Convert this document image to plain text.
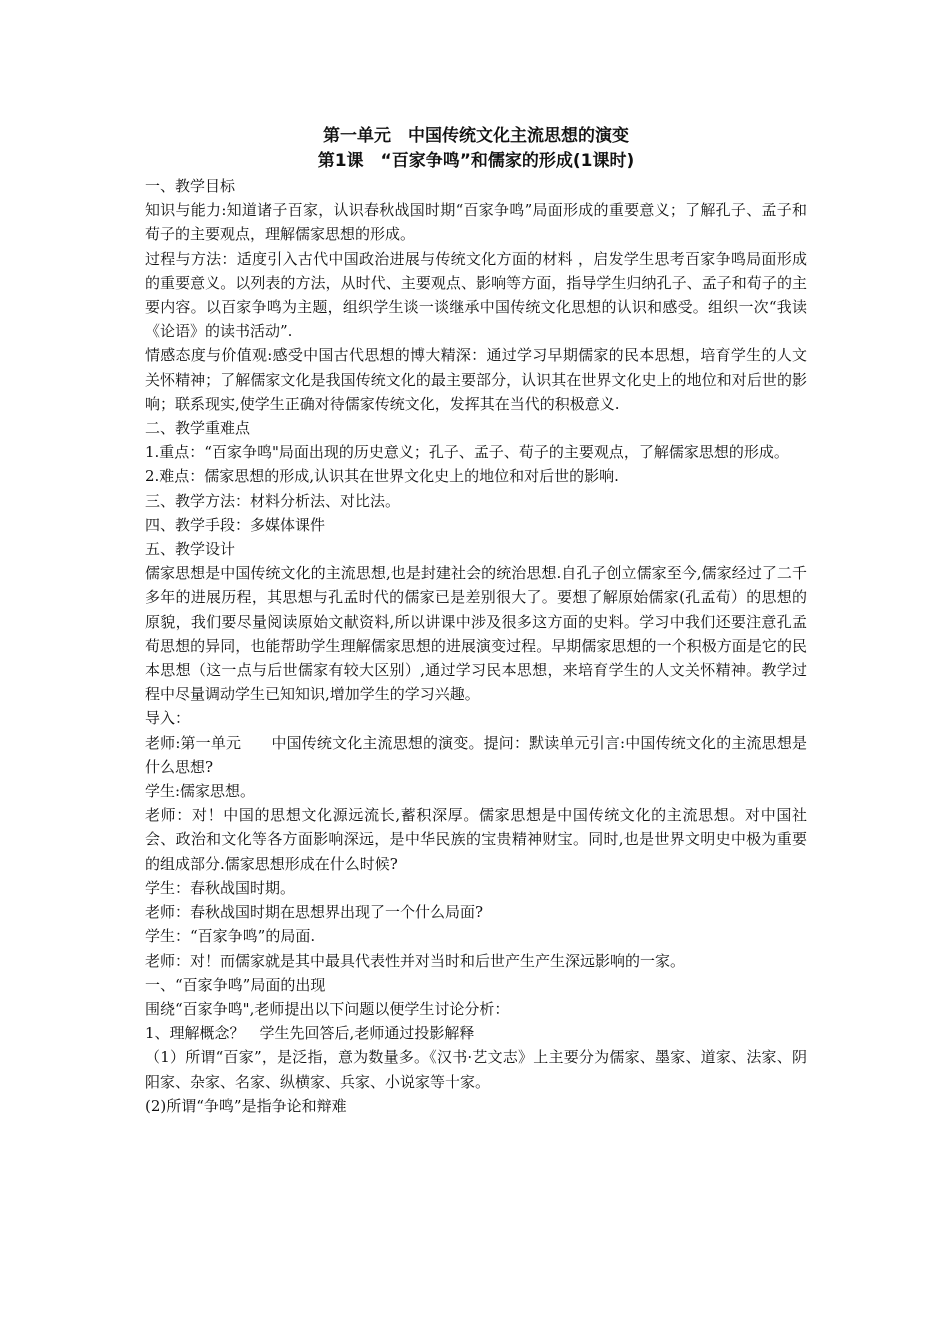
第一单元　中国传统文化主流思想的演变
第1课　“百家争鸣”和儒家的形成(1课时)

一、教学目标

知识与能力:知道诸子百家，认识春秋战国时期“百家争鸣”局面形成的重要意义；了解孔子、孟子和荀子的主要观点，理解儒家思想的形成。

过程与方法：适度引入古代中国政治进展与传统文化方面的材料 ，启发学生思考百家争鸣局面形成的重要意义。以列表的方法，从时代、主要观点、影响等方面，指导学生归纳孔子、孟子和荀子的主要内容。以百家争鸣为主题，组织学生谈一谈继承中国传统文化思想的认识和感受。组织一次“我读《论语》的读书活动”.

情感态度与价值观:感受中国古代思想的博大精深：通过学习早期儒家的民本思想，培育学生的人文关怀精神；了解儒家文化是我国传统文化的最主要部分，认识其在世界文化史上的地位和对后世的影响；联系现实,使学生正确对待儒家传统文化，发挥其在当代的积极意义.

二、教学重难点

1.重点：“百家争鸣"局面出现的历史意义；孔子、孟子、荀子的主要观点，了解儒家思想的形成。

2.难点：儒家思想的形成,认识其在世界文化史上的地位和对后世的影响.

三、教学方法：材料分析法、对比法。

四、教学手段：多媒体课件

五、教学设计

儒家思想是中国传统文化的主流思想,也是封建社会的统治思想.自孔子创立儒家至今,儒家经过了二千多年的进展历程，其思想与孔孟时代的儒家已是差别很大了。要想了解原始儒家(孔孟荀）的思想的原貌，我们要尽量阅读原始文献资料,所以讲课中涉及很多这方面的史料。学习中我们还要注意孔孟荀思想的异同，也能帮助学生理解儒家思想的进展演变过程。早期儒家思想的一个积极方面是它的民本思想（这一点与后世儒家有较大区别）,通过学习民本思想，来培育学生的人文关怀精神。教学过程中尽量调动学生已知知识,增加学生的学习兴趣。

导入：

老师:第一单元　　中国传统文化主流思想的演变。提问：默读单元引言:中国传统文化的主流思想是什么思想?

学生:儒家思想。

老师：对！中国的思想文化源远流长,蓄积深厚。儒家思想是中国传统文化的主流思想。对中国社会、政治和文化等各方面影响深远，是中华民族的宝贵精神财宝。同时,也是世界文明史中极为重要的组成部分.儒家思想形成在什么时候?

学生：春秋战国时期。

老师：春秋战国时期在思想界出现了一个什么局面?

学生：“百家争鸣”的局面.

老师：对！而儒家就是其中最具代表性并对当时和后世产生产生深远影响的一家。

一、“百家争鸣”局面的出现

围绕“百家争鸣",老师提出以下问题以便学生讨论分析：

1、理解概念？　学生先回答后,老师通过投影解释

（1）所谓“百家”，是泛指，意为数量多。《汉书·艺文志》上主要分为儒家、墨家、道家、法家、阴阳家、杂家、名家、纵横家、兵家、小说家等十家。

(2)所谓“争鸣”是指争论和辩难
